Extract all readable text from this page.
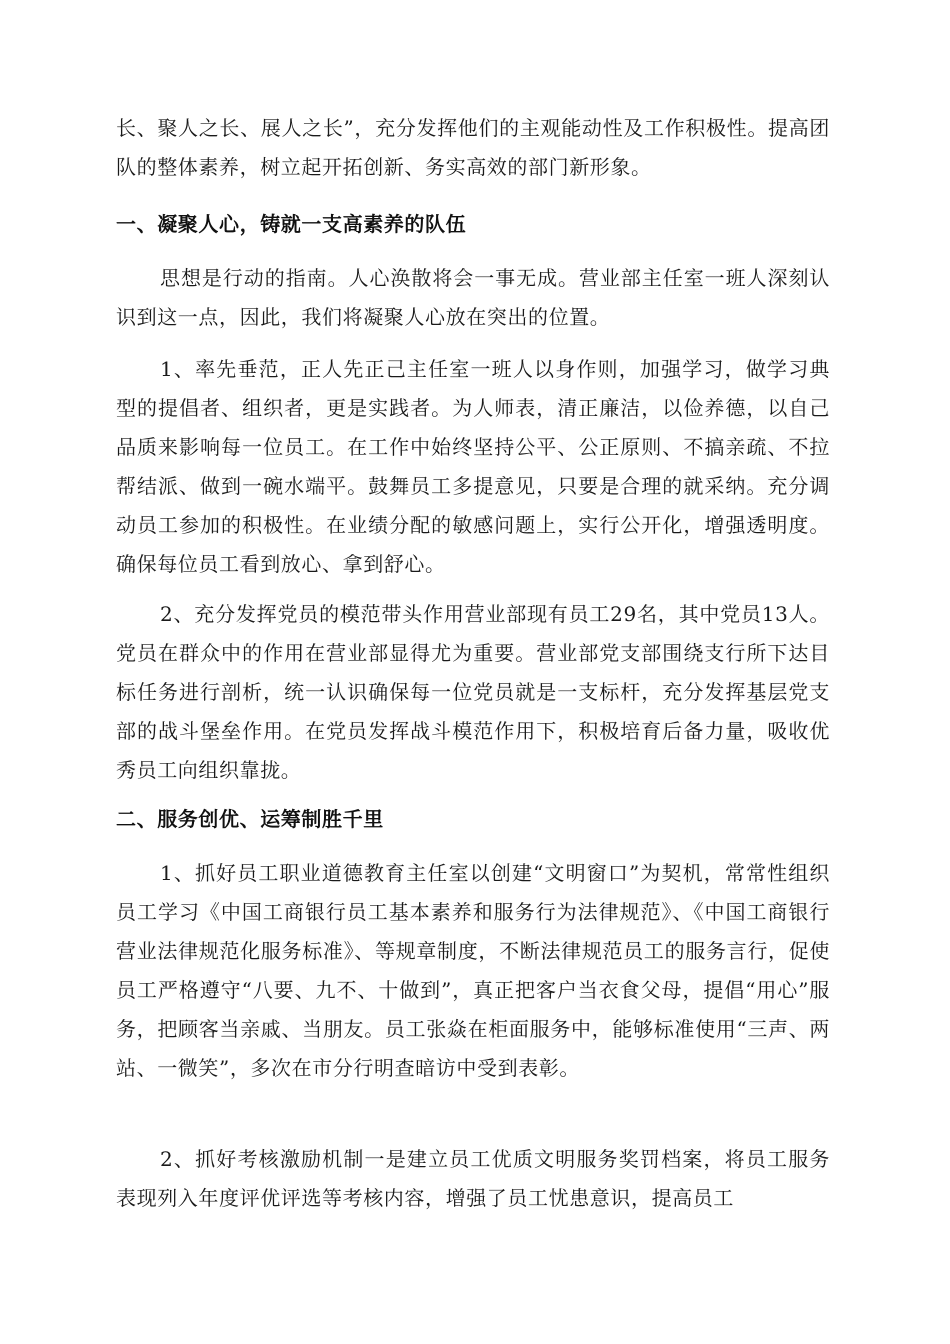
长、聚人之长、展人之长”，充分发挥他们的主观能动性及工作积极性。提高团队的整体素养，树立起开拓创新、务实高效的部门新形象。

一、凝聚人心，铸就一支高素养的队伍

思想是行动的指南。人心涣散将会一事无成。营业部主任室一班人深刻认识到这一点，因此，我们将凝聚人心放在突出的位置。

1、率先垂范，正人先正己主任室一班人以身作则，加强学习，做学习典型的提倡者、组织者，更是实践者。为人师表，清正廉洁，以俭养德，以自己品质来影响每一位员工。在工作中始终坚持公平、公正原则、不搞亲疏、不拉帮结派、做到一碗水端平。鼓舞员工多提意见，只要是合理的就采纳。充分调动员工参加的积极性。在业绩分配的敏感问题上，实行公开化，增强透明度。确保每位员工看到放心、拿到舒心。

2、充分发挥党员的模范带头作用营业部现有员工29名，其中党员13人。党员在群众中的作用在营业部显得尤为重要。营业部党支部围绕支行所下达目标任务进行剖析，统一认识确保每一位党员就是一支标杆，充分发挥基层党支部的战斗堡垒作用。在党员发挥战斗模范作用下，积极培育后备力量，吸收优秀员工向组织靠拢。

二、服务创优、运筹制胜千里

1、抓好员工职业道德教育主任室以创建“文明窗口”为契机，常常性组织员工学习《中国工商银行员工基本素养和服务行为法律规范》、《中国工商银行营业法律规范化服务标准》、等规章制度，不断法律规范员工的服务言行，促使员工严格遵守“八要、九不、十做到”，真正把客户当衣食父母，提倡“用心”服务，把顾客当亲戚、当朋友。员工张焱在柜面服务中，能够标准使用“三声、两站、一微笑”，多次在市分行明查暗访中受到表彰。

2、抓好考核激励机制一是建立员工优质文明服务奖罚档案，将员工服务表现列入年度评优评选等考核内容，增强了员工忧患意识，提高员工
